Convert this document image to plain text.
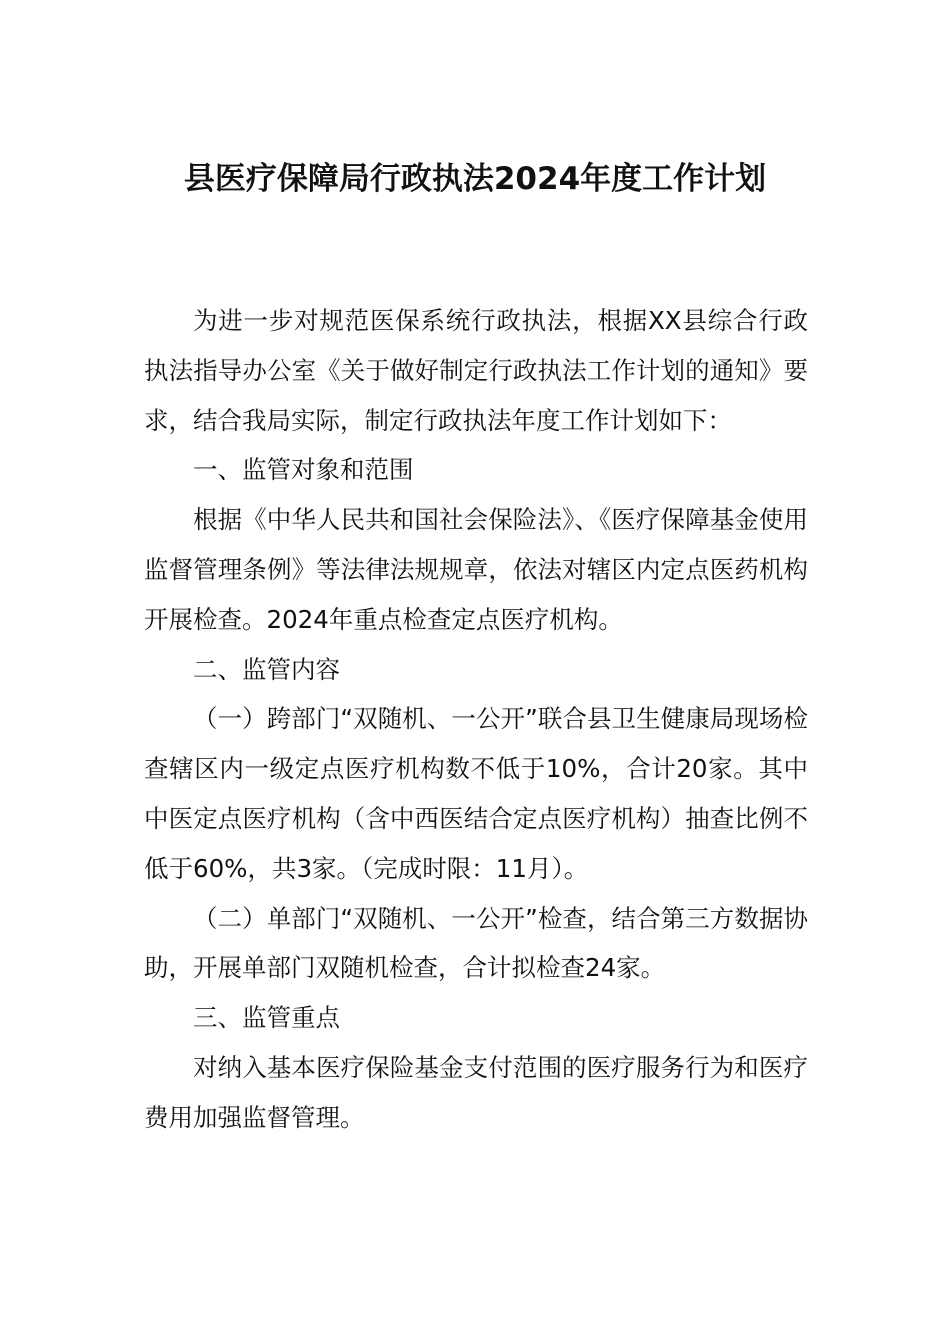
县医疗保障局行政执法2024年度工作计划

为进一步对规范医保系统行政执法，根据XX县综合行政执法指导办公室《关于做好制定行政执法工作计划的通知》要求，结合我局实际，制定行政执法年度工作计划如下：

一、监管对象和范围

根据《中华人民共和国社会保险法》、《医疗保障基金使用监督管理条例》等法律法规规章，依法对辖区内定点医药机构开展检查。2024年重点检查定点医疗机构。

二、监管内容

（一）跨部门“双随机、一公开”联合县卫生健康局现场检查辖区内一级定点医疗机构数不低于10%，合计20家。其中中医定点医疗机构（含中西医结合定点医疗机构）抽查比例不低于60%，共3家。（完成时限：11月）。

（二）单部门“双随机、一公开”检查，结合第三方数据协助，开展单部门双随机检查，合计拟检查24家。

三、监管重点

对纳入基本医疗保险基金支付范围的医疗服务行为和医疗费用加强监督管理。
